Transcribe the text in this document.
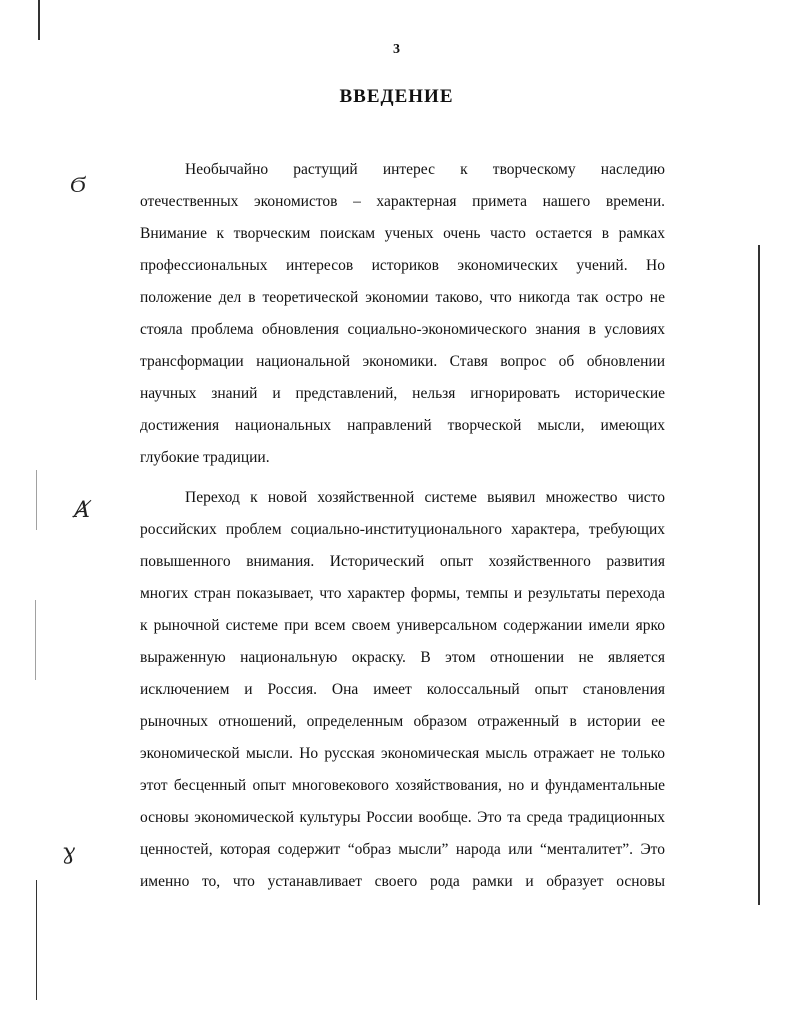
3
ВВЕДЕНИЕ
Ϭ
Ⱥ
ɣ
Необычайно растущий интерес к творческому наследию
отечественных экономистов – характерная примета нашего времени.
Внимание к творческим поискам ученых очень часто остается в рамках
профессиональных интересов историков экономических учений. Но
положение дел в теоретической экономии таково, что никогда так остро не
стояла проблема обновления социально-экономического знания в условиях
трансформации национальной экономики. Ставя вопрос об обновлении
научных знаний и представлений, нельзя игнорировать исторические
достижения национальных направлений творческой мысли, имеющих
глубокие традиции.
Переход к новой хозяйственной системе выявил множество чисто
российских проблем социально-институционального характера, требующих
повышенного внимания. Исторический опыт хозяйственного развития
многих стран показывает, что характер формы, темпы и результаты перехода
к рыночной системе при всем своем универсальном содержании имели ярко
выраженную национальную окраску. В этом отношении не является
исключением и Россия. Она имеет колоссальный опыт становления
рыночных отношений, определенным образом отраженный в истории ее
экономической мысли. Но русская экономическая мысль отражает не только
этот бесценный опыт многовекового хозяйствования, но и фундаментальные
основы экономической культуры России вообще. Это та среда традиционных
ценностей, которая содержит “образ мысли” народа или “менталитет”. Это
именно то, что устанавливает своего рода рамки и образует основы
